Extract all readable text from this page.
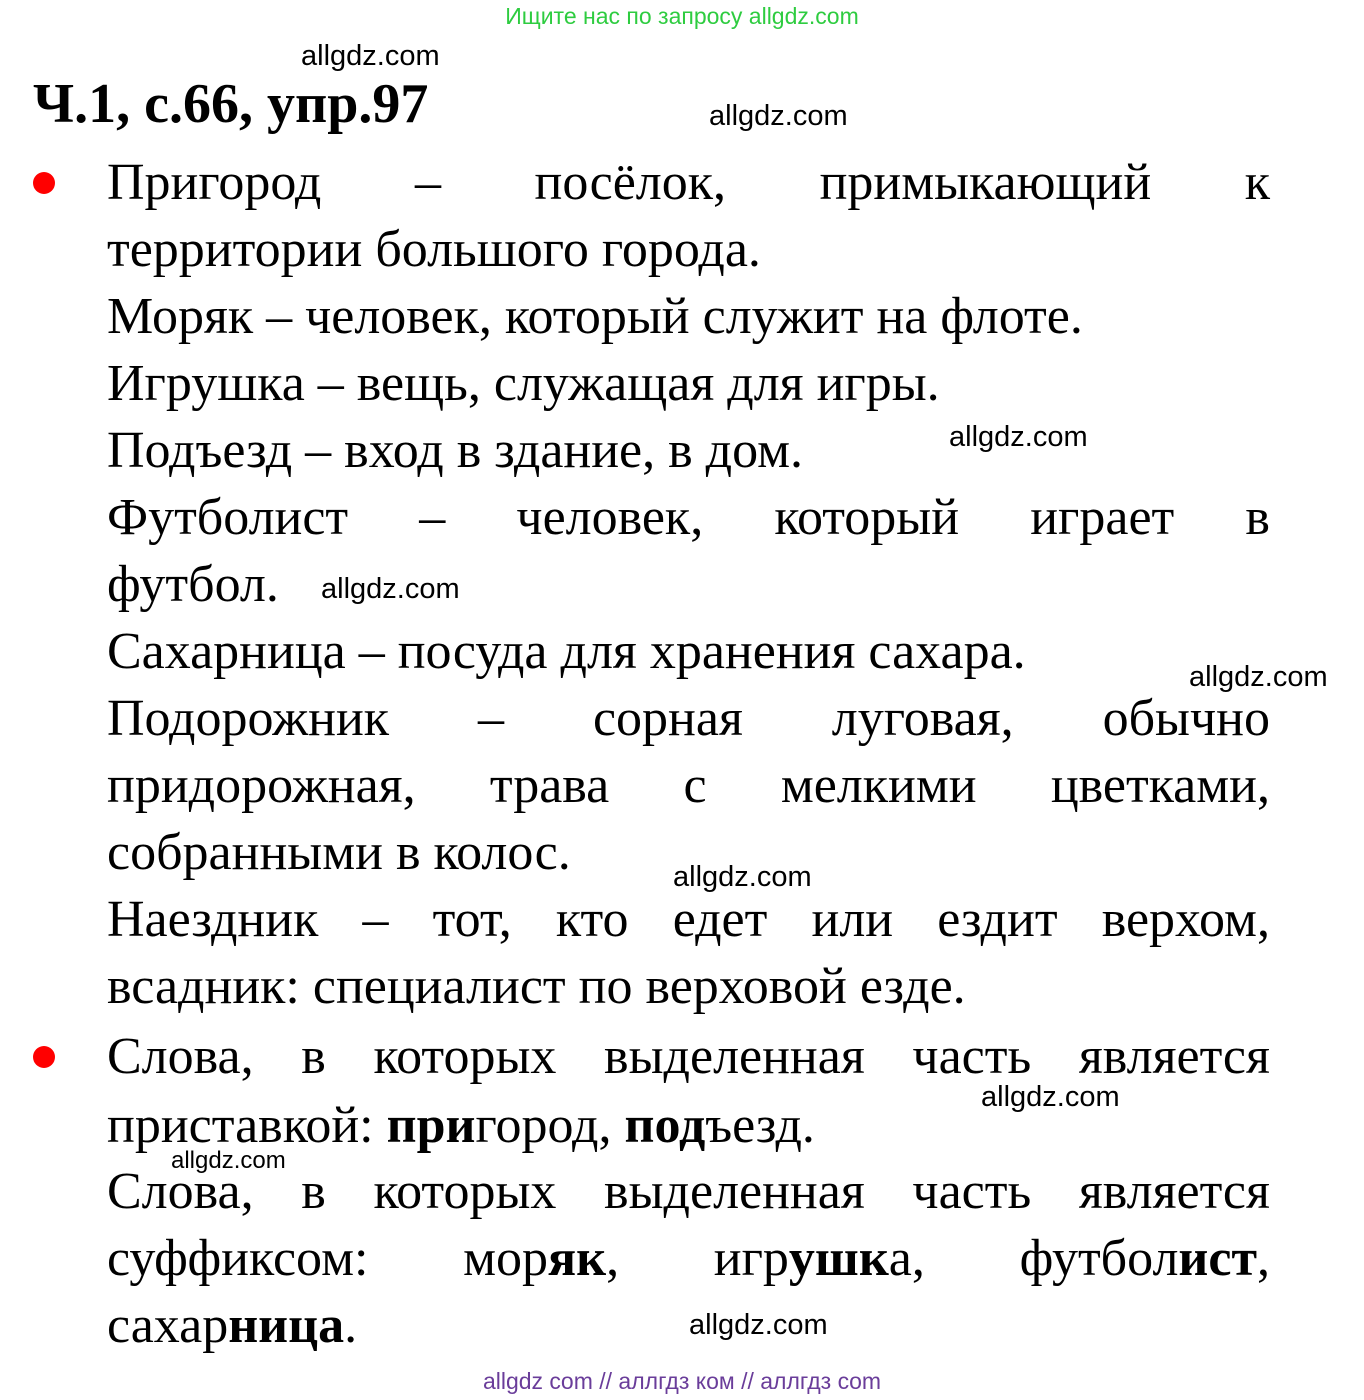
Ищите нас по запросу allgdz.com
allgdz.com
Ч.1, с.66, упр.97	allgdz.com
Пригород – посёлок, примыкающий к
территории большого города.
Моряк – человек, который служит на флоте.
Игрушка – вещь, служащая для игры.
Подъезд – вход в здание, в дом.	allgdz.com
Футболист – человек, который играет в
футбол.	allgdz.com
Сахарница – посуда для хранения сахара.	allgdz.com
Подорожник – сорная луговая, обычно
придорожная, трава с мелкими цветками,
собранными в колос.	allgdz.com
Наездник – тот, кто едет или ездит верхом,
всадник: специалист по верховой езде.
Слова, в которых выделенная часть является
allgdz.com
приставкой: пригород, подъезд.
allgdz.com
Слова, в которых выделенная часть является
суффиксом: моряк, игрушка, футболист,
сахарница.	allgdz.com
allgdz com // аллгдз ком // аллгдз com
